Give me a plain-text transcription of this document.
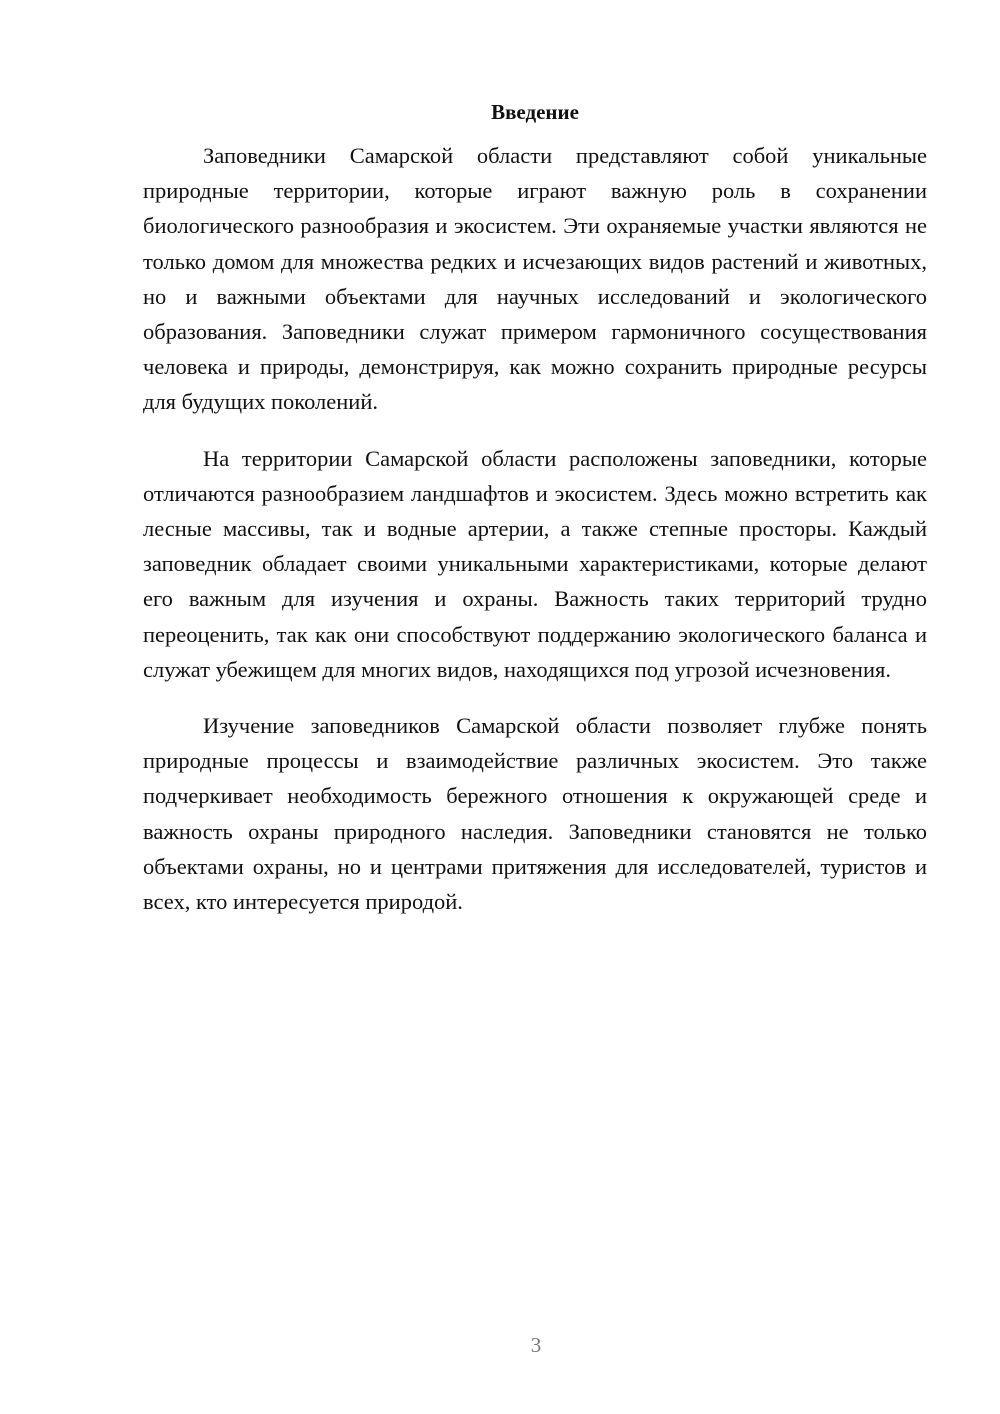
Введение

Заповедники Самарской области представляют собой уникальные природные территории, которые играют важную роль в сохранении биологического разнообразия и экосистем. Эти охраняемые участки являются не только домом для множества редких и исчезающих видов растений и животных, но и важными объектами для научных исследований и экологического образования. Заповедники служат примером гармоничного сосуществования человека и природы, демонстрируя, как можно сохранить природные ресурсы для будущих поколений.

На территории Самарской области расположены заповедники, которые отличаются разнообразием ландшафтов и экосистем. Здесь можно встретить как лесные массивы, так и водные артерии, а также степные просторы. Каждый заповедник обладает своими уникальными характеристиками, которые делают его важным для изучения и охраны. Важность таких территорий трудно переоценить, так как они способствуют поддержанию экологического баланса и служат убежищем для многих видов, находящихся под угрозой исчезновения.

Изучение заповедников Самарской области позволяет глубже понять природные процессы и взаимодействие различных экосистем. Это также подчеркивает необходимость бережного отношения к окружающей среде и важность охраны природного наследия. Заповедники становятся не только объектами охраны, но и центрами притяжения для исследователей, туристов и всех, кто интересуется природой.

3
